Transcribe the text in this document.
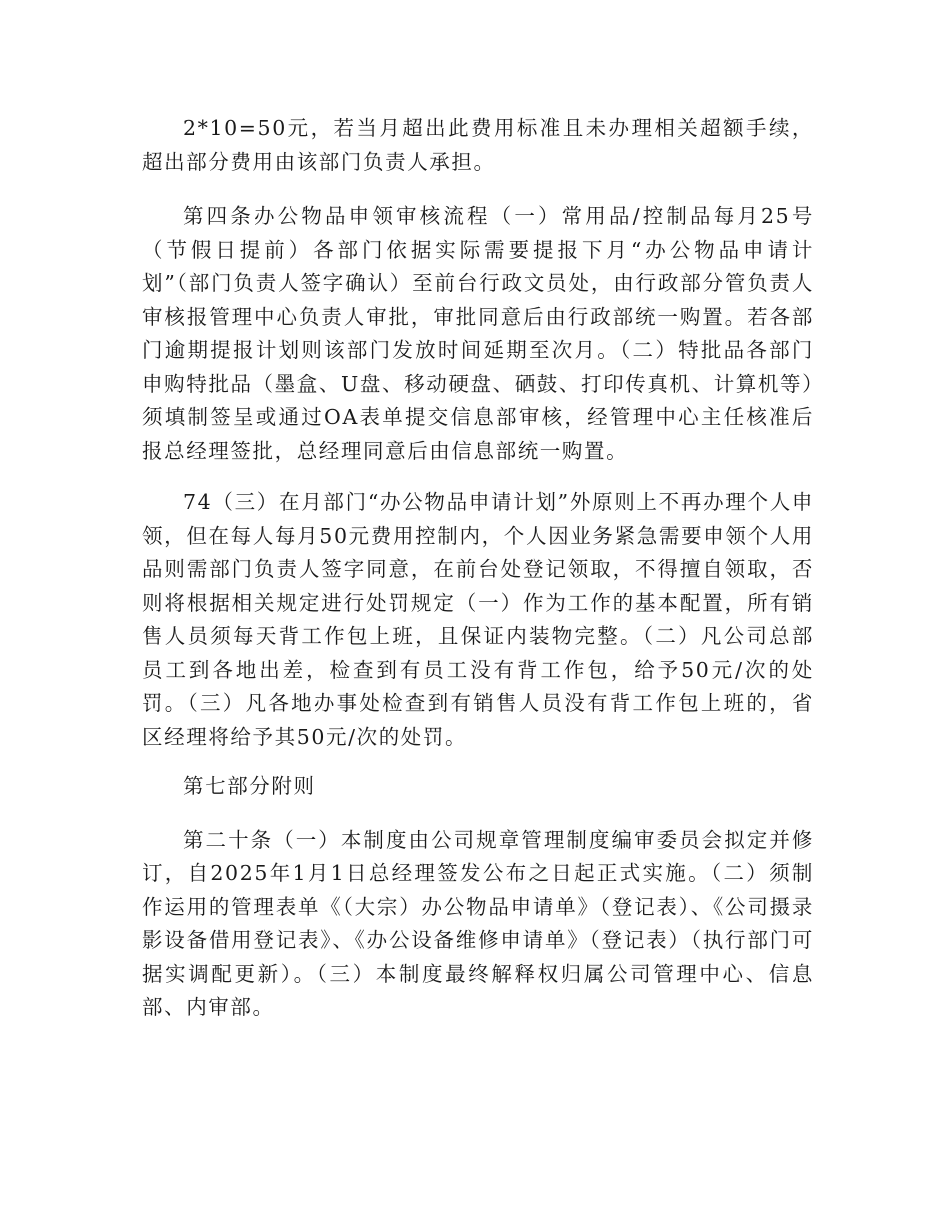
2*10=50元，若当月超出此费用标准且未办理相关超额手续，超出部分费用由该部门负责人承担。

第四条办公物品申领审核流程（一）常用品/控制品每月25号（节假日提前）各部门依据实际需要提报下月“办公物品申请计划”（部门负责人签字确认）至前台行政文员处，由行政部分管负责人审核报管理中心负责人审批，审批同意后由行政部统一购置。若各部门逾期提报计划则该部门发放时间延期至次月。（二）特批品各部门申购特批品（墨盒、U盘、移动硬盘、硒鼓、打印传真机、计算机等）须填制签呈或通过OA表单提交信息部审核，经管理中心主任核准后报总经理签批，总经理同意后由信息部统一购置。

74（三）在月部门“办公物品申请计划”外原则上不再办理个人申领，但在每人每月50元费用控制内，个人因业务紧急需要申领个人用品则需部门负责人签字同意，在前台处登记领取，不得擅自领取，否则将根据相关规定进行处罚规定（一）作为工作的基本配置，所有销售人员须每天背工作包上班，且保证内装物完整。（二）凡公司总部员工到各地出差，检查到有员工没有背工作包，给予50元/次的处罚。（三）凡各地办事处检查到有销售人员没有背工作包上班的，省区经理将给予其50元/次的处罚。

第七部分附则

第二十条（一）本制度由公司规章管理制度编审委员会拟定并修订，自2025年1月1日总经理签发公布之日起正式实施。（二）须制作运用的管理表单《（大宗）办公物品申请单》（登记表）、《公司摄录影设备借用登记表》、《办公设备维修申请单》（登记表）（执行部门可据实调配更新）。（三）本制度最终解释权归属公司管理中心、信息部、内审部。
